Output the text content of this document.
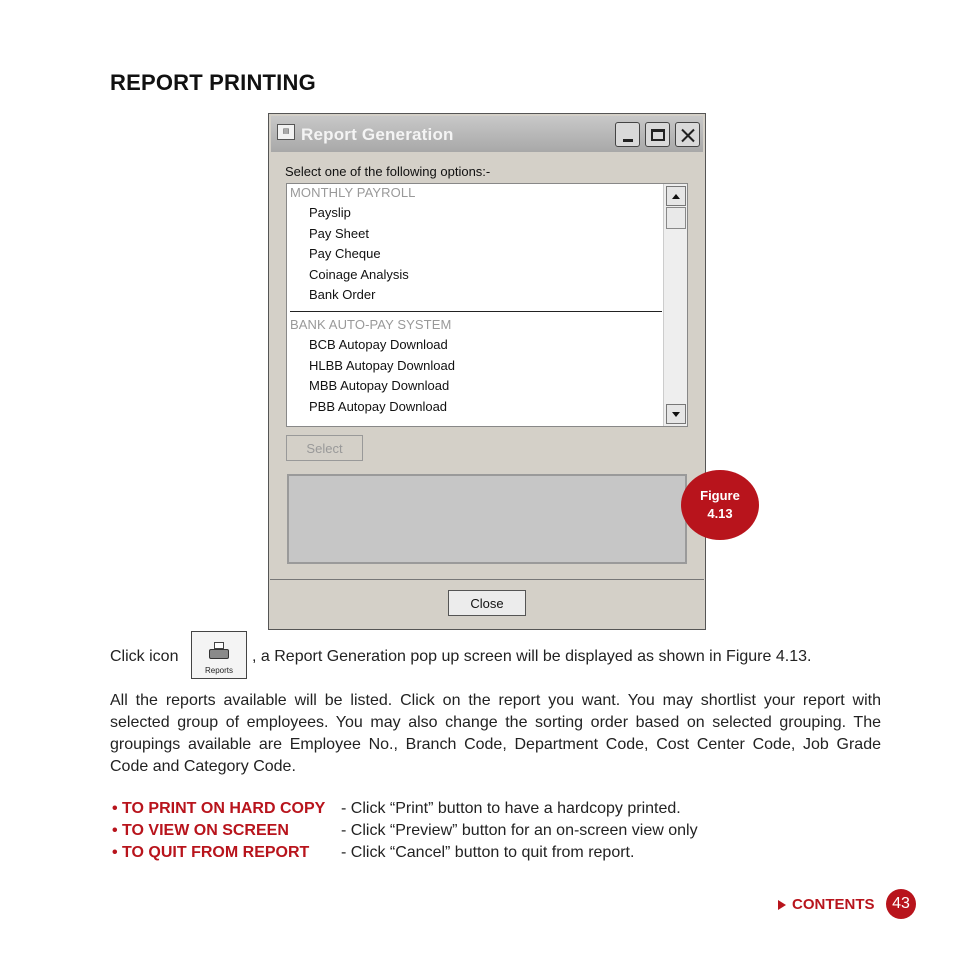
REPORT PRINTING
▤ Report Generation
Select one of the following options:-
MONTHLY PAYROLL
Payslip
Pay Sheet
Pay Cheque
Coinage Analysis
Bank Order
BANK AUTO-PAY SYSTEM
BCB Autopay Download
HLBB Autopay Download
MBB Autopay Download
PBB Autopay Download
Select
Close
Figure
4.13
Click icon
Reports
, a Report Generation pop up screen will be displayed as shown in Figure 4.13.
All the reports available will be listed. Click on the report you want. You may shortlist your report with selected group of employees. You may also change the sorting order based on selected grouping. The groupings available are Employee No., Branch Code, Department Code, Cost Center Code, Job Grade Code and Category Code.
• TO PRINT ON HARD COPY - Click “Print” button to have a hardcopy printed.
• TO VIEW ON SCREEN	- Click “Preview” button for an on-screen view only
• TO QUIT FROM REPORT - Click “Cancel” button to quit from report.
CONTENTS	43
